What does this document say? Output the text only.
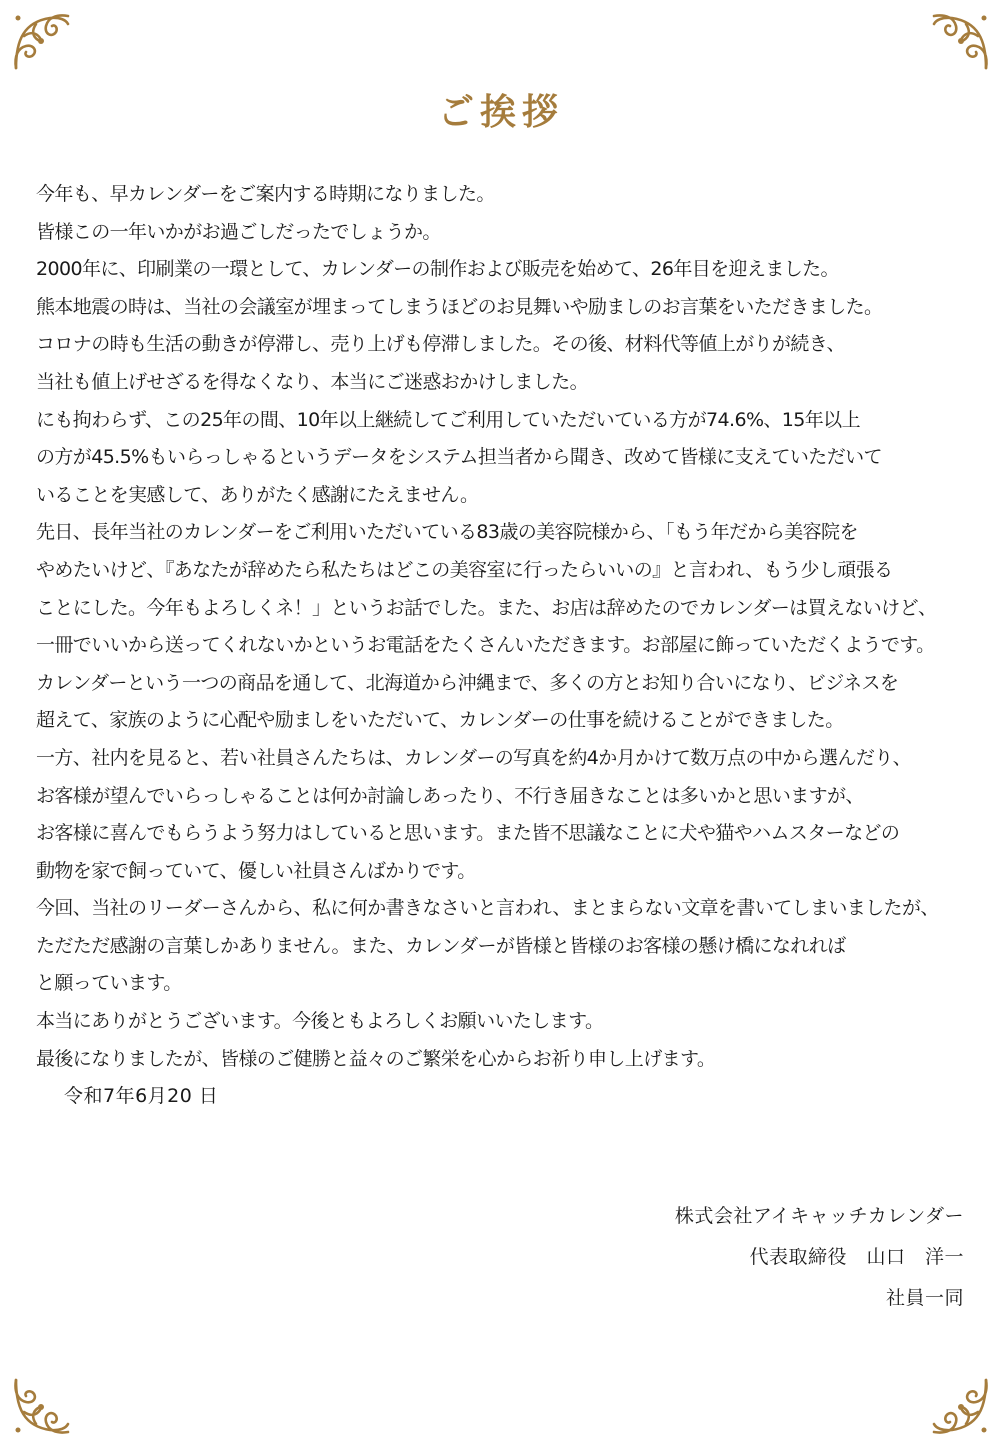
ご挨拶
今年も、早カレンダーをご案内する時期になりました。
皆様この一年いかがお過ごしだったでしょうか。
2000年に、印刷業の一環として、カレンダーの制作および販売を始めて、26年目を迎えました。
熊本地震の時は、当社の会議室が埋まってしまうほどのお見舞いや励ましのお言葉をいただきました。
コロナの時も生活の動きが停滞し、売り上げも停滞しました。その後、材料代等値上がりが続き、
当社も値上げせざるを得なくなり、本当にご迷惑おかけしました。
にも拘わらず、この25年の間、10年以上継続してご利用していただいている方が74.6%、15年以上
の方が45.5%もいらっしゃるというデータをシステム担当者から聞き、改めて皆様に支えていただいて
いることを実感して、ありがたく感謝にたえません。
先日、長年当社のカレンダーをご利用いただいている83歳の美容院様から、「もう年だから美容院を
やめたいけど、『あなたが辞めたら私たちはどこの美容室に行ったらいいの』と言われ、もう少し頑張る
ことにした。今年もよろしくネ！」というお話でした。また、お店は辞めたのでカレンダーは買えないけど、
一冊でいいから送ってくれないかというお電話をたくさんいただきます。お部屋に飾っていただくようです。
カレンダーという一つの商品を通して、北海道から沖縄まで、多くの方とお知り合いになり、ビジネスを
超えて、家族のように心配や励ましをいただいて、カレンダーの仕事を続けることができました。
一方、社内を見ると、若い社員さんたちは、カレンダーの写真を約4か月かけて数万点の中から選んだり、
お客様が望んでいらっしゃることは何か討論しあったり、不行き届きなことは多いかと思いますが、
お客様に喜んでもらうよう努力はしていると思います。また皆不思議なことに犬や猫やハムスターなどの
動物を家で飼っていて、優しい社員さんばかりです。
今回、当社のリーダーさんから、私に何か書きなさいと言われ、まとまらない文章を書いてしまいましたが、
ただただ感謝の言葉しかありません。また、カレンダーが皆様と皆様のお客様の懸け橋になれれば
と願っています。
本当にありがとうございます。今後ともよろしくお願いいたします。
最後になりましたが、皆様のご健勝と益々のご繁栄を心からお祈り申し上げます。
令和7年6月20 日
株式会社アイキャッチカレンダー
代表取締役　山口　洋一
社員一同
